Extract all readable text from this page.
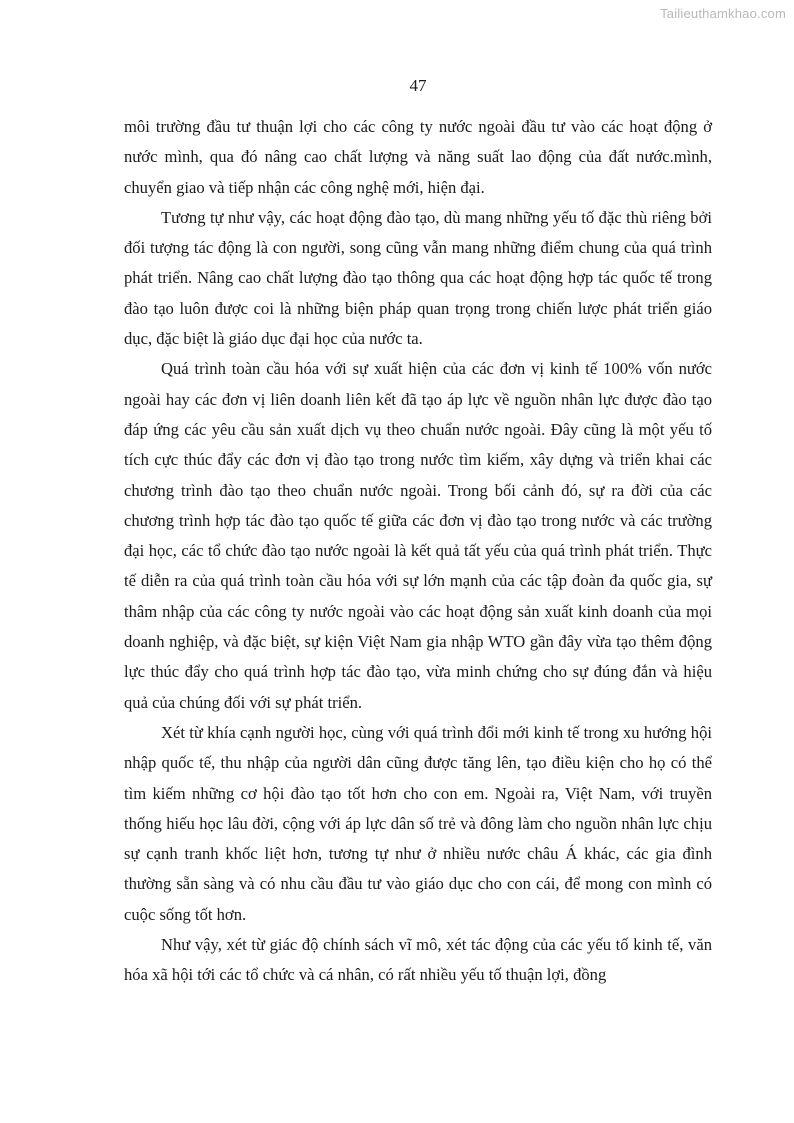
Tailieuthamkhao.com
47

môi trường đầu tư thuận lợi cho các công ty nước ngoài đầu tư vào các hoạt động ở nước mình, qua đó nâng cao chất lượng và năng suất lao động của đất nước.mình, chuyển giao và tiếp nhận các công nghệ mới, hiện đại.

Tương tự như vậy, các hoạt động đào tạo, dù mang những yếu tố đặc thù riêng bởi đối tượng tác động là con người, song cũng vẫn mang những điểm chung của quá trình phát triển. Nâng cao chất lượng đào tạo thông qua các hoạt động hợp tác quốc tế trong đào tạo luôn được coi là những biện pháp quan trọng trong chiến lược phát triển giáo dục, đặc biệt là giáo dục đại học của nước ta.

Quá trình toàn cầu hóa với sự xuất hiện của các đơn vị kinh tế 100% vốn nước ngoài hay các đơn vị liên doanh liên kết đã tạo áp lực về nguồn nhân lực được đào tạo đáp ứng các yêu cầu sản xuất dịch vụ theo chuẩn nước ngoài. Đây cũng là một yếu tố tích cực thúc đẩy các đơn vị đào tạo trong nước tìm kiếm, xây dựng và triển khai các chương trình đào tạo theo chuẩn nước ngoài. Trong bối cảnh đó, sự ra đời của các chương trình hợp tác đào tạo quốc tế giữa các đơn vị đào tạo trong nước và các trường đại học, các tổ chức đào tạo nước ngoài là kết quả tất yếu của quá trình phát triển. Thực tế diễn ra của quá trình toàn cầu hóa với sự lớn mạnh của các tập đoàn đa quốc gia, sự thâm nhập của các công ty nước ngoài vào các hoạt động sản xuất kinh doanh của mọi doanh nghiệp, và đặc biệt, sự kiện Việt Nam gia nhập WTO gần đây vừa tạo thêm động lực thúc đẩy cho quá trình hợp tác đào tạo, vừa minh chứng cho sự đúng đắn và hiệu quả của chúng đối với sự phát triển.

Xét từ khía cạnh người học, cùng với quá trình đổi mới kinh tế trong xu hướng hội nhập quốc tế, thu nhập của người dân cũng được tăng lên, tạo điều kiện cho họ có thể tìm kiếm những cơ hội đào tạo tốt hơn cho con em. Ngoài ra, Việt Nam, với truyền thống hiếu học lâu đời, cộng với áp lực dân số trẻ và đông làm cho nguồn nhân lực chịu sự cạnh tranh khốc liệt hơn, tương tự như ở nhiều nước châu Á khác, các gia đình thường sẵn sàng và có nhu cầu đầu tư vào giáo dục cho con cái, để mong con mình có cuộc sống tốt hơn.

Như vậy, xét từ giác độ chính sách vĩ mô, xét tác động của các yếu tố kinh tế, văn hóa xã hội tới các tổ chức và cá nhân, có rất nhiều yếu tố thuận lợi, đồng
